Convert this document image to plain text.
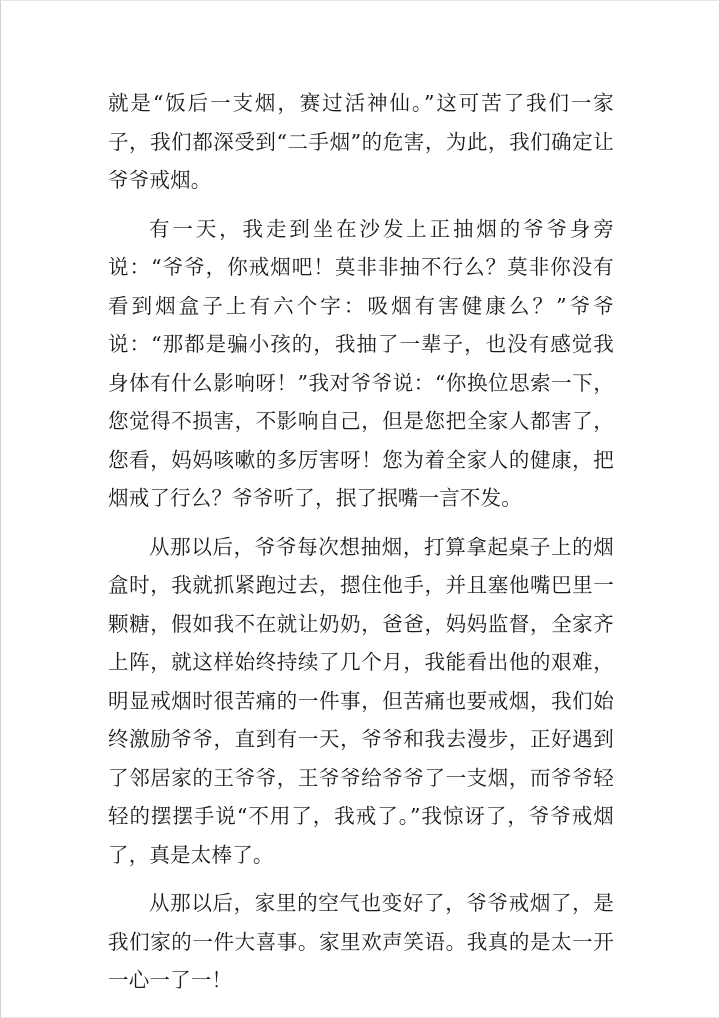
就是“饭后一支烟，赛过活神仙。”这可苦了我们一家子，我们都深受到“二手烟”的危害，为此，我们确定让爷爷戒烟。

有一天，我走到坐在沙发上正抽烟的爷爷身旁说：“爷爷，你戒烟吧！莫非非抽不行么？莫非你没有看到烟盒子上有六个字：吸烟有害健康么？”爷爷说：“那都是骗小孩的，我抽了一辈子，也没有感觉我身体有什么影响呀！”我对爷爷说：“你换位思索一下，您觉得不损害，不影响自己，但是您把全家人都害了，您看，妈妈咳嗽的多厉害呀！您为着全家人的健康，把烟戒了行么？爷爷听了，抿了抿嘴一言不发。

从那以后，爷爷每次想抽烟，打算拿起桌子上的烟盒时，我就抓紧跑过去，摁住他手，并且塞他嘴巴里一颗糖，假如我不在就让奶奶，爸爸，妈妈监督，全家齐上阵，就这样始终持续了几个月，我能看出他的艰难，明显戒烟时很苦痛的一件事，但苦痛也要戒烟，我们始终激励爷爷，直到有一天，爷爷和我去漫步，正好遇到了邻居家的王爷爷，王爷爷给爷爷了一支烟，而爷爷轻轻的摆摆手说“不用了，我戒了。”我惊讶了，爷爷戒烟了，真是太棒了。

从那以后，家里的空气也变好了，爷爷戒烟了，是我们家的一件大喜事。家里欢声笑语。我真的是太一开一心一了一！
